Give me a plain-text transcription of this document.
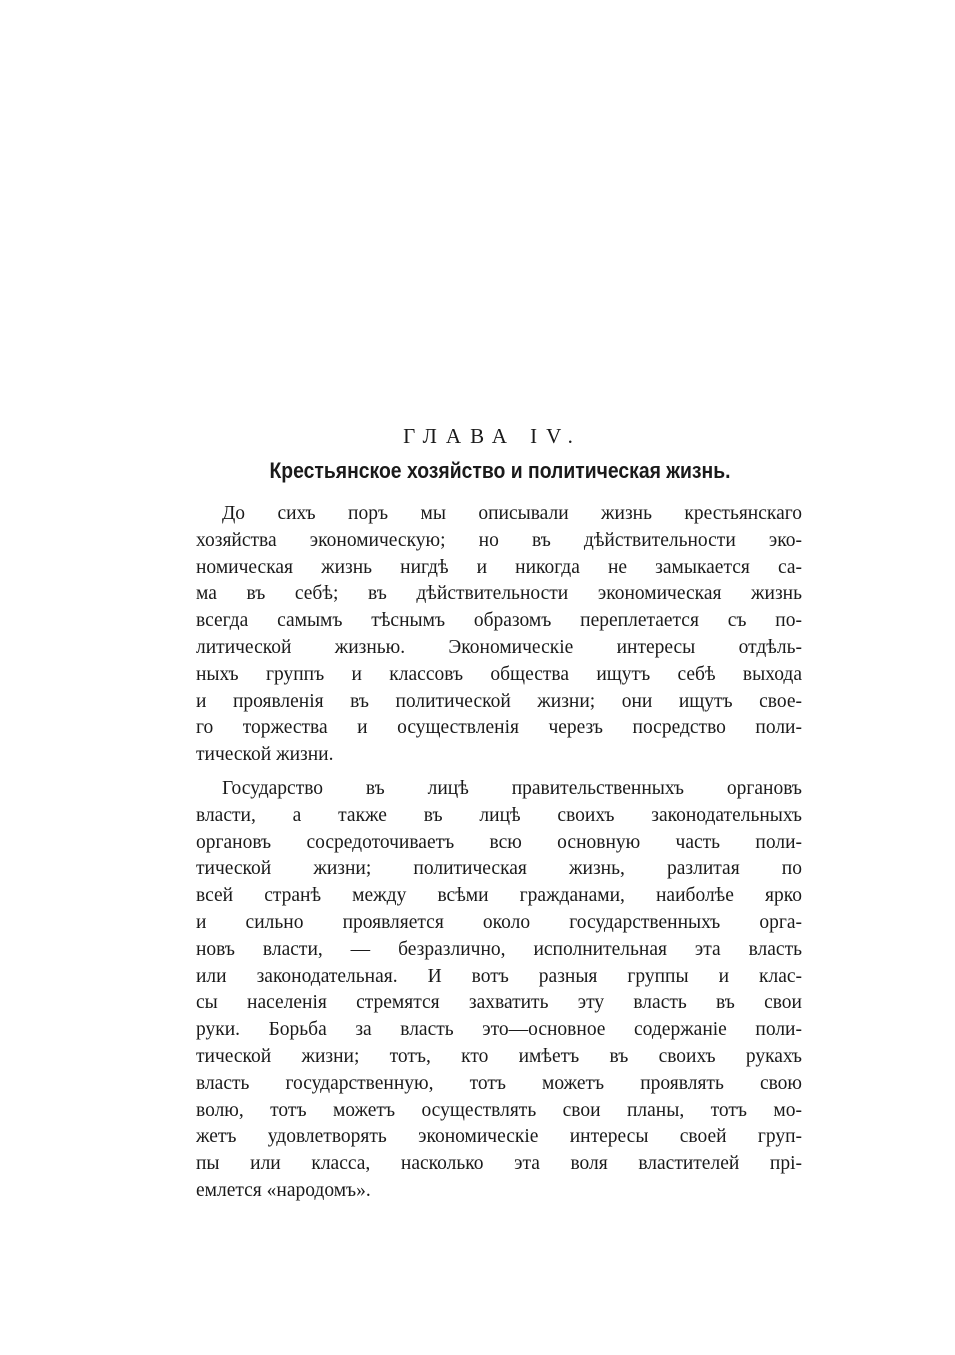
ГЛАВА IV.
Крестьянское хозяйство и политическая жизнь.
До сихъ поръ мы описывали жизнь крестьянскаго
хозяйства экономическую; но въ дѣйствительности эко-
номическая жизнь нигдѣ и никогда не замыкается са-
ма въ себѣ; въ дѣйствительности экономическая жизнь
всегда самымъ тѣснымъ образомъ переплетается съ по-
литической жизнью. Экономическіе интересы отдѣль-
ныхъ группъ и классовъ общества ищутъ себѣ выхода
и проявленія въ политической жизни; они ищутъ свое-
го торжества и осуществленія черезъ посредство поли-
тической жизни.
Государство въ лицѣ правительственныхъ органовъ
власти, а также въ лицѣ своихъ законодательныхъ
органовъ сосредоточиваетъ всю основную часть поли-
тической жизни; политическая жизнь, разлитая по
всей странѣ между всѣми гражданами, наиболѣе ярко
и сильно проявляется около государственныхъ орга-
новъ власти, — безразлично, исполнительная эта власть
или законодательная. И вотъ разныя группы и клас-
сы населенія стремятся захватить эту власть въ свои
руки. Борьба за власть это—основное содержаніе поли-
тической жизни; тотъ, кто имѣетъ въ своихъ рукахъ
власть государственную, тотъ можетъ проявлять свою
волю, тотъ можетъ осуществлять свои планы, тотъ мо-
жетъ удовлетворять экономическіе интересы своей груп-
пы или класса, насколько эта воля властителей прі-
емлется «народомъ».
